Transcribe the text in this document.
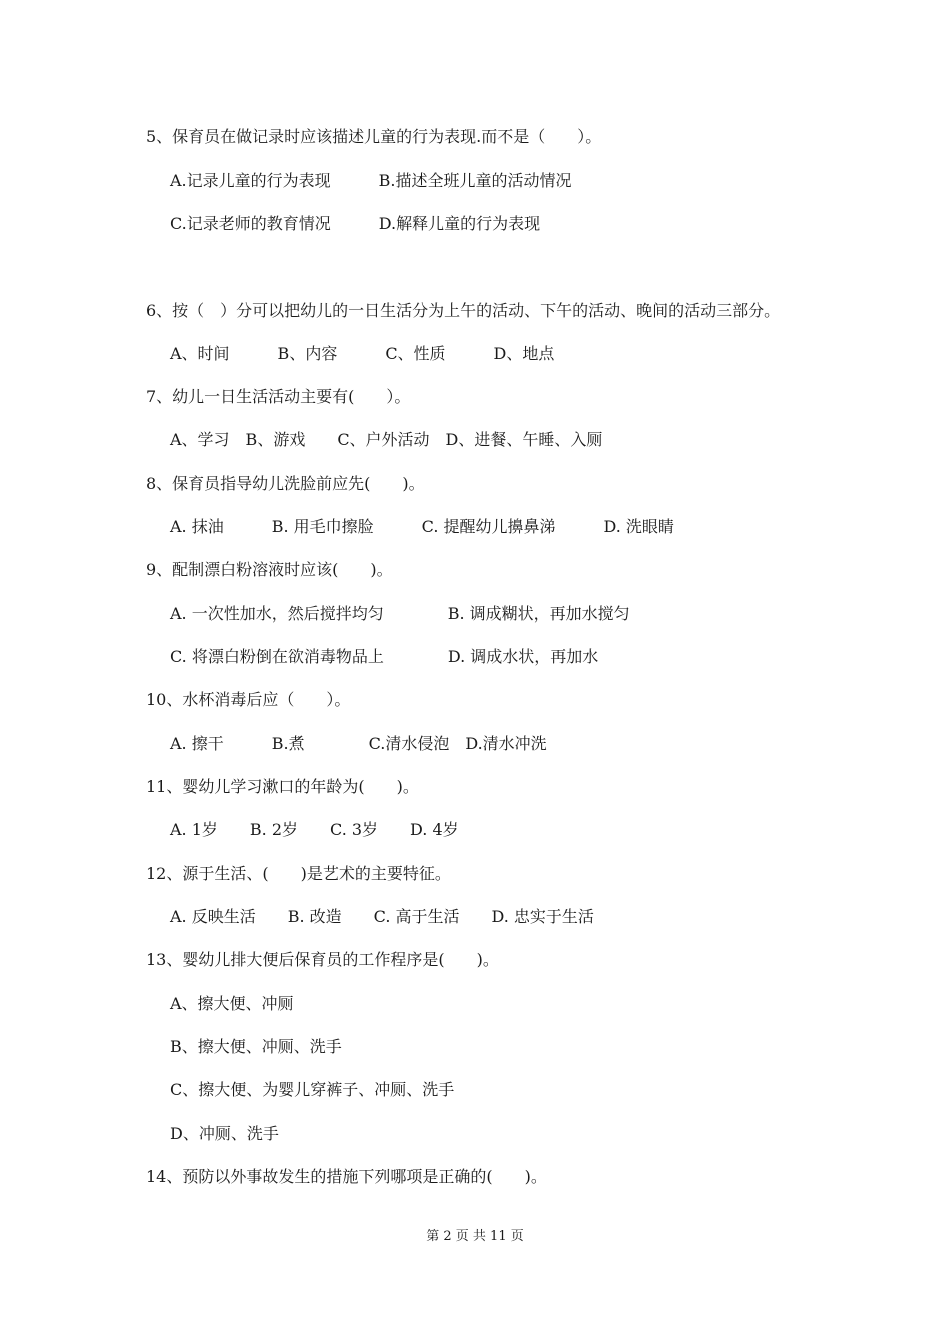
5、保育员在做记录时应该描述儿童的行为表现.而不是（　　）。
A.记录儿童的行为表现　　　B.描述全班儿童的活动情况
C.记录老师的教育情况　　　D.解释儿童的行为表现
6、按（　）分可以把幼儿的一日生活分为上午的活动、下午的活动、晚间的活动三部分。
A、时间　　　B、内容　　　C、性质　　　D、地点
7、幼儿一日生活活动主要有(　　）。
A、学习　B、游戏　　C、户外活动　D、进餐、午睡、入厕
8、保育员指导幼儿洗脸前应先(　　)。
A. 抹油　　　B. 用毛巾擦脸　　　C. 提醒幼儿擤鼻涕　　　D. 洗眼睛
9、配制漂白粉溶液时应该(　　)。
A. 一次性加水，然后搅拌均匀　　　　B. 调成糊状，再加水搅匀
C. 将漂白粉倒在欲消毒物品上　　　　D. 调成水状，再加水
10、水杯消毒后应（　　）。
A. 擦干　　　B.煮　　　　C.清水侵泡　D.清水冲洗
11、婴幼儿学习漱口的年龄为(　　)。
A. 1岁　　B. 2岁　　C. 3岁　　D. 4岁
12、源于生活、(　　)是艺术的主要特征。
A. 反映生活　　B. 改造　　C. 高于生活　　D. 忠实于生活
13、婴幼儿排大便后保育员的工作程序是(　　)。
A、擦大便、冲厕
B、擦大便、冲厕、洗手
C、擦大便、为婴儿穿裤子、冲厕、洗手
D、冲厕、洗手
14、预防以外事故发生的措施下列哪项是正确的(　　)。
第 2 页 共 11 页
